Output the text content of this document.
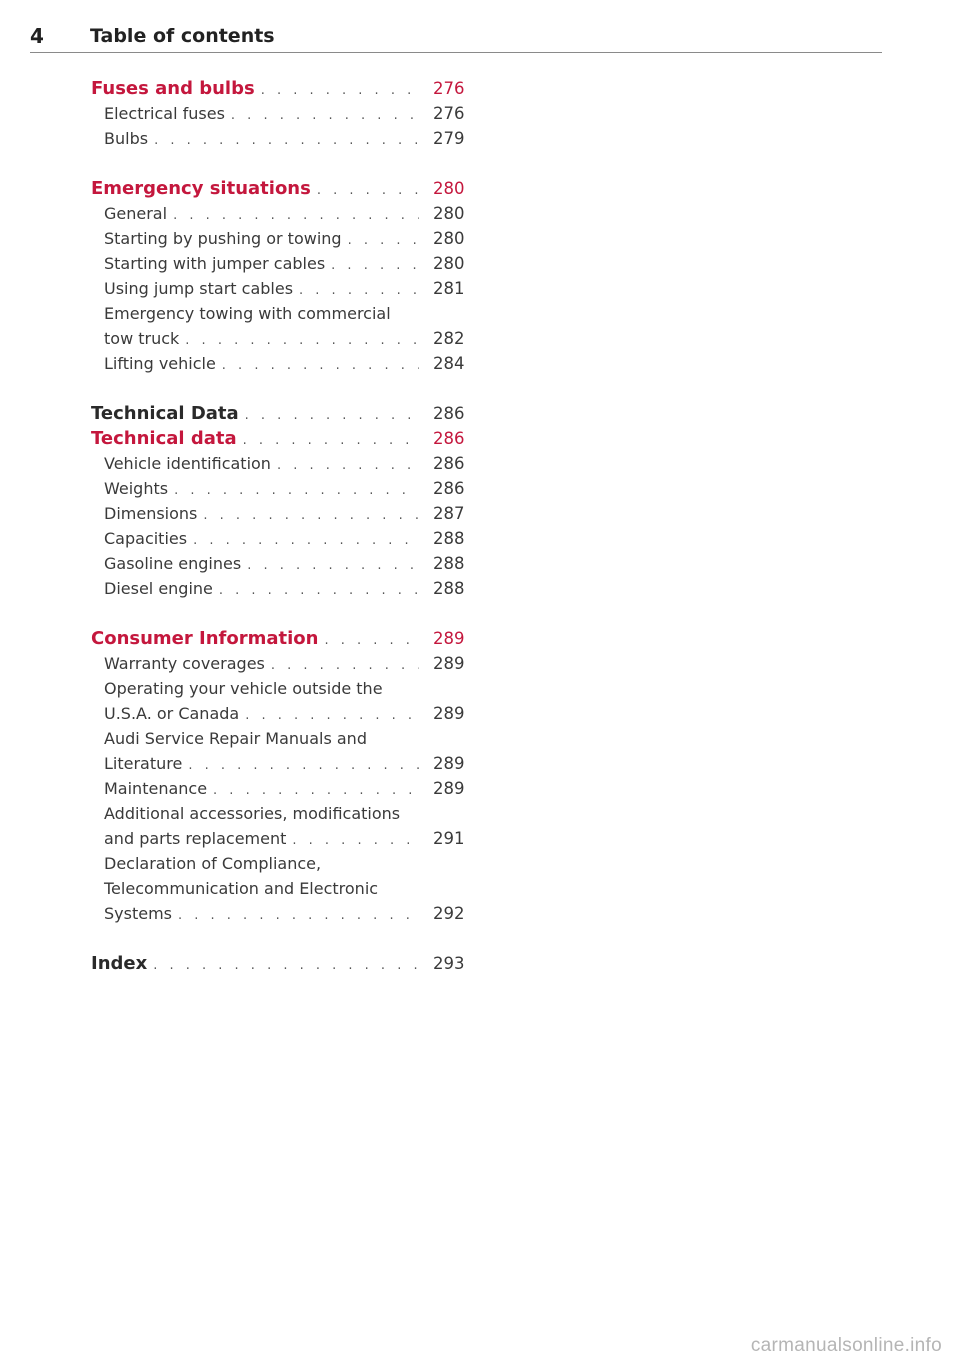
4 Table of contents
Fuses and bulbs . . .	276
Electrical fuses . . .	276
Bulbs . . .	279
Emergency situations . . .	280
General . . .	280
Starting by pushing or towing . . .	280
Starting with jumper cables . . .	280
Using jump start cables . . .	281
Emergency towing with commercial
tow truck . . .	282
Lifting vehicle . . .	284
Technical Data . . .	286
Technical data . . .	286
Vehicle identification . . .	286
Weights . . .	286
Dimensions . . .	287
Capacities . . .	288
Gasoline engines . . .	288
Diesel engine . . .	288
Consumer Information . . .	289
Warranty coverages . . .	289
Operating your vehicle outside the
U.S.A. or Canada . . .	289
Audi Service Repair Manuals and
Literature . . .	289
Maintenance . . .	289
Additional accessories, modifications
and parts replacement . . .	291
Declaration of Compliance,
Telecommunication and Electronic
Systems . . .	292
Index . . .	293
carmanualsonline.info
